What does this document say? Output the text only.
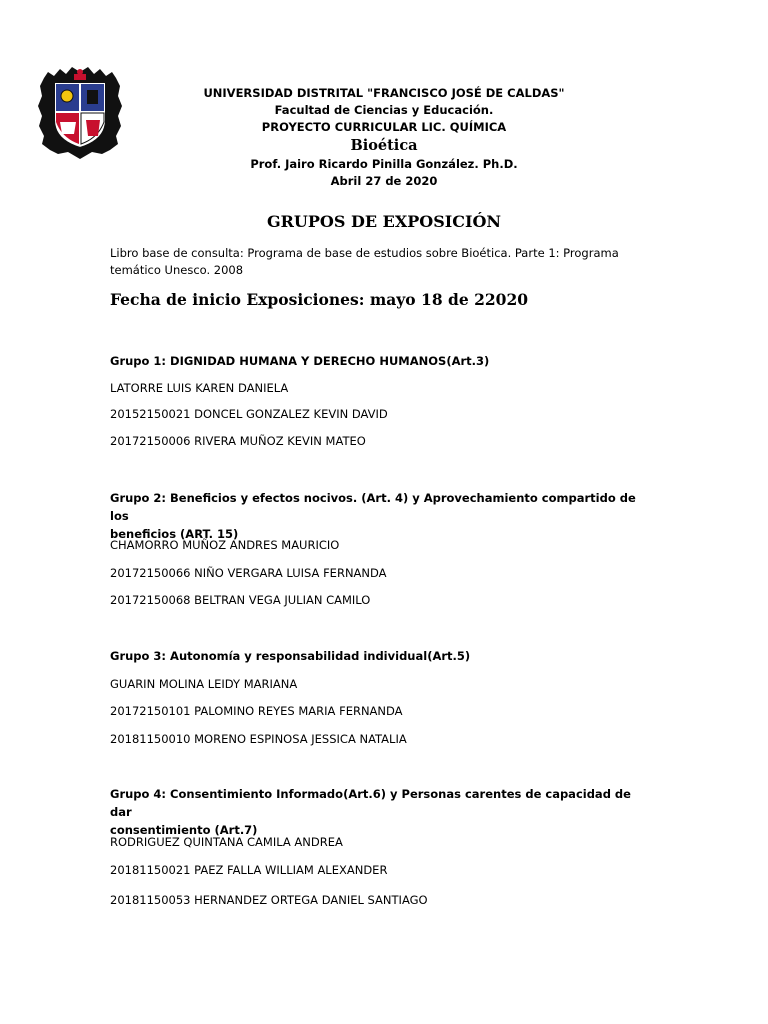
UNIVERSIDAD DISTRITAL "FRANCISCO JOSÉ DE CALDAS"
Facultad de Ciencias y Educación.
PROYECTO CURRICULAR LIC. QUÍMICA
Bioética
Prof. Jairo Ricardo Pinilla González. Ph.D.
Abril 27 de 2020
GRUPOS DE EXPOSICIÓN
Libro base de consulta: Programa de base de estudios sobre Bioética. Parte 1: Programa
temático Unesco. 2008
Fecha de inicio Exposiciones: mayo 18 de 22020
Grupo 1: DIGNIDAD HUMANA Y DERECHO HUMANOS(Art.3)
LATORRE LUIS KAREN DANIELA
20152150021 DONCEL GONZALEZ KEVIN DAVID
20172150006 RIVERA MUÑOZ KEVIN MATEO
Grupo 2: Beneficios y efectos nocivos. (Art. 4) y Aprovechamiento compartido de los
beneficios (ART. 15)
CHAMORRO MUÑOZ ANDRES MAURICIO
20172150066 NIÑO VERGARA LUISA FERNANDA
20172150068 BELTRAN VEGA JULIAN CAMILO
Grupo 3: Autonomía y responsabilidad individual(Art.5)
GUARIN MOLINA LEIDY MARIANA
20172150101 PALOMINO REYES MARIA FERNANDA
20181150010 MORENO ESPINOSA JESSICA NATALIA
Grupo 4: Consentimiento Informado(Art.6) y Personas carentes de capacidad de dar
consentimiento (Art.7)
RODRIGUEZ QUINTANA CAMILA ANDREA
20181150021 PAEZ FALLA WILLIAM ALEXANDER
20181150053 HERNANDEZ ORTEGA DANIEL SANTIAGO
